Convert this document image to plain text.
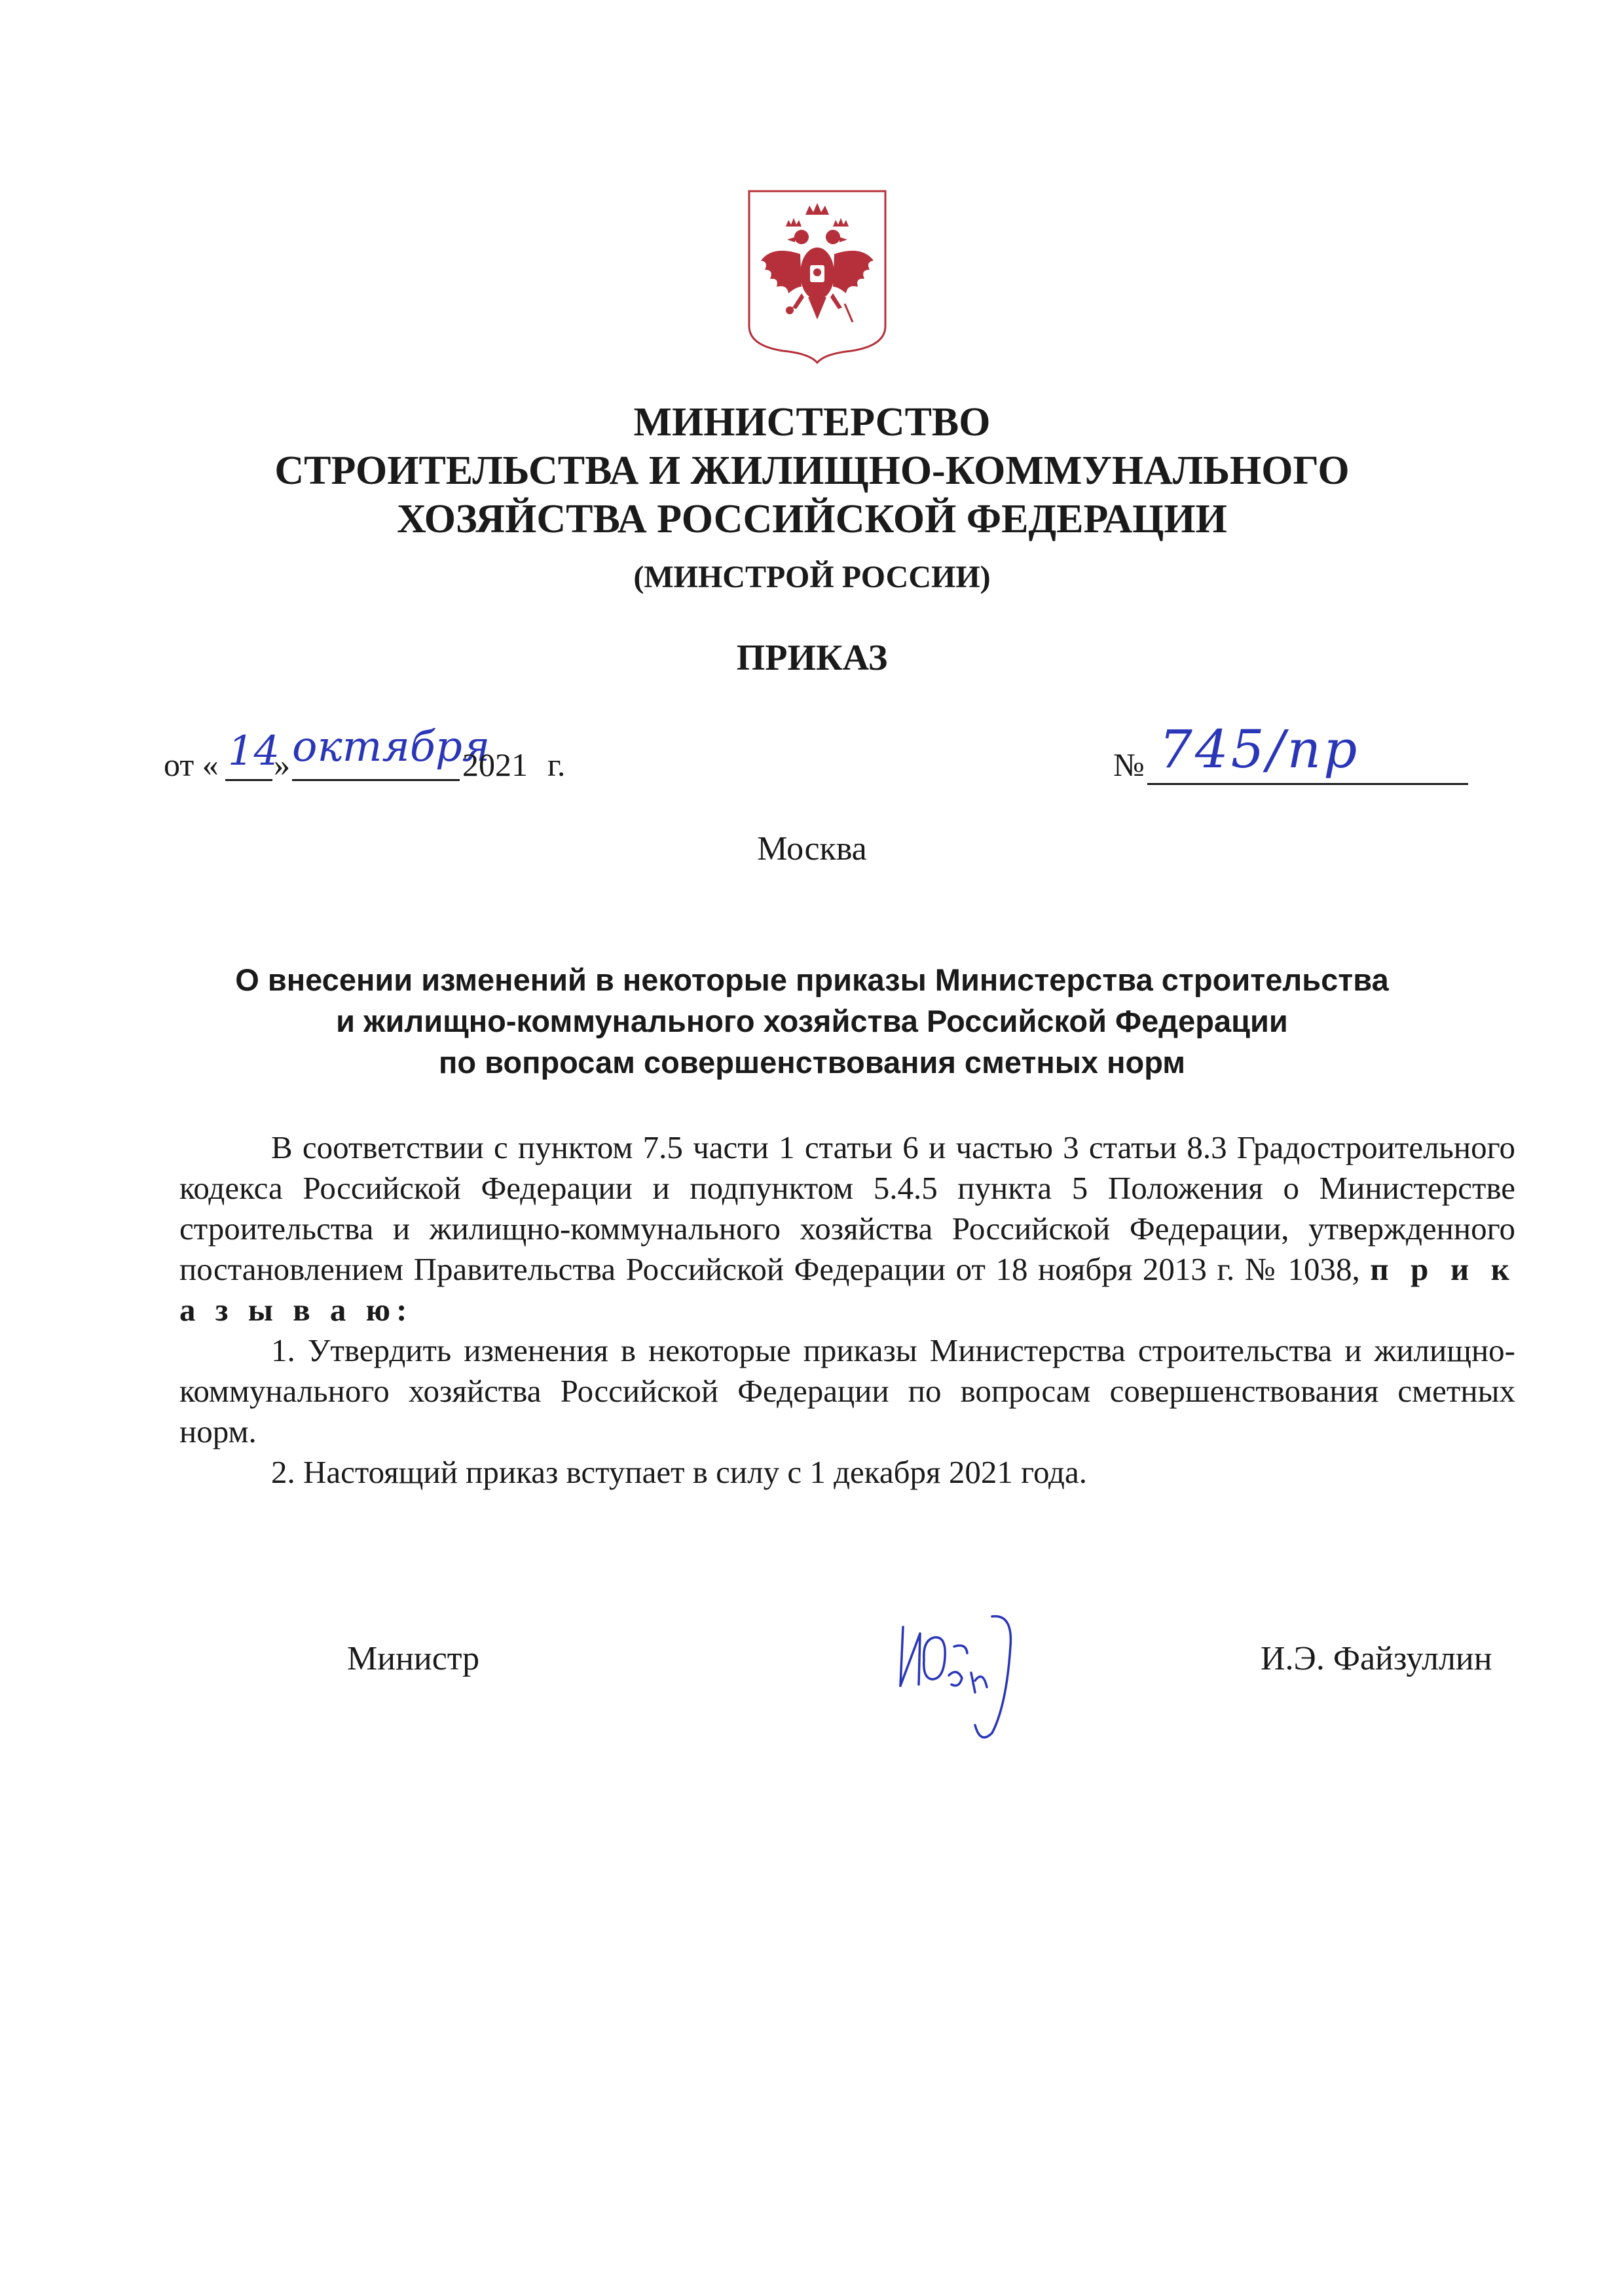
МИНИСТЕРСТВО
СТРОИТЕЛЬСТВА И ЖИЛИЩНО-КОММУНАЛЬНОГО
ХОЗЯЙСТВА РОССИЙСКОЙ ФЕДЕРАЦИИ
(МИНСТРОЙ РОССИИ)
ПРИКАЗ
от « 14
» октября
2021 г.	№ 745/пр
Москва
О внесении изменений в некоторые приказы Министерства строительства
и жилищно-коммунального хозяйства Российской Федерации
по вопросам совершенствования сметных норм

В соответствии с пунктом 7.5 части 1 статьи 6 и частью 3 статьи 8.3 Градостроительного кодекса Российской Федерации и подпунктом 5.4.5 пункта 5 Положения о Министерстве строительства и жилищно-коммунального хозяйства Российской Федерации, утвержденного постановлением Правительства Российской Федерации от 18 ноября 2013 г. № 1038, п р и к а з ы в а ю:

1. Утвердить изменения в некоторые приказы Министерства строительства и жилищно-коммунального хозяйства Российской Федерации по вопросам совершенствования сметных норм.

2. Настоящий приказ вступает в силу с 1 декабря 2021 года.

Министр	И.Э. Файзуллин
